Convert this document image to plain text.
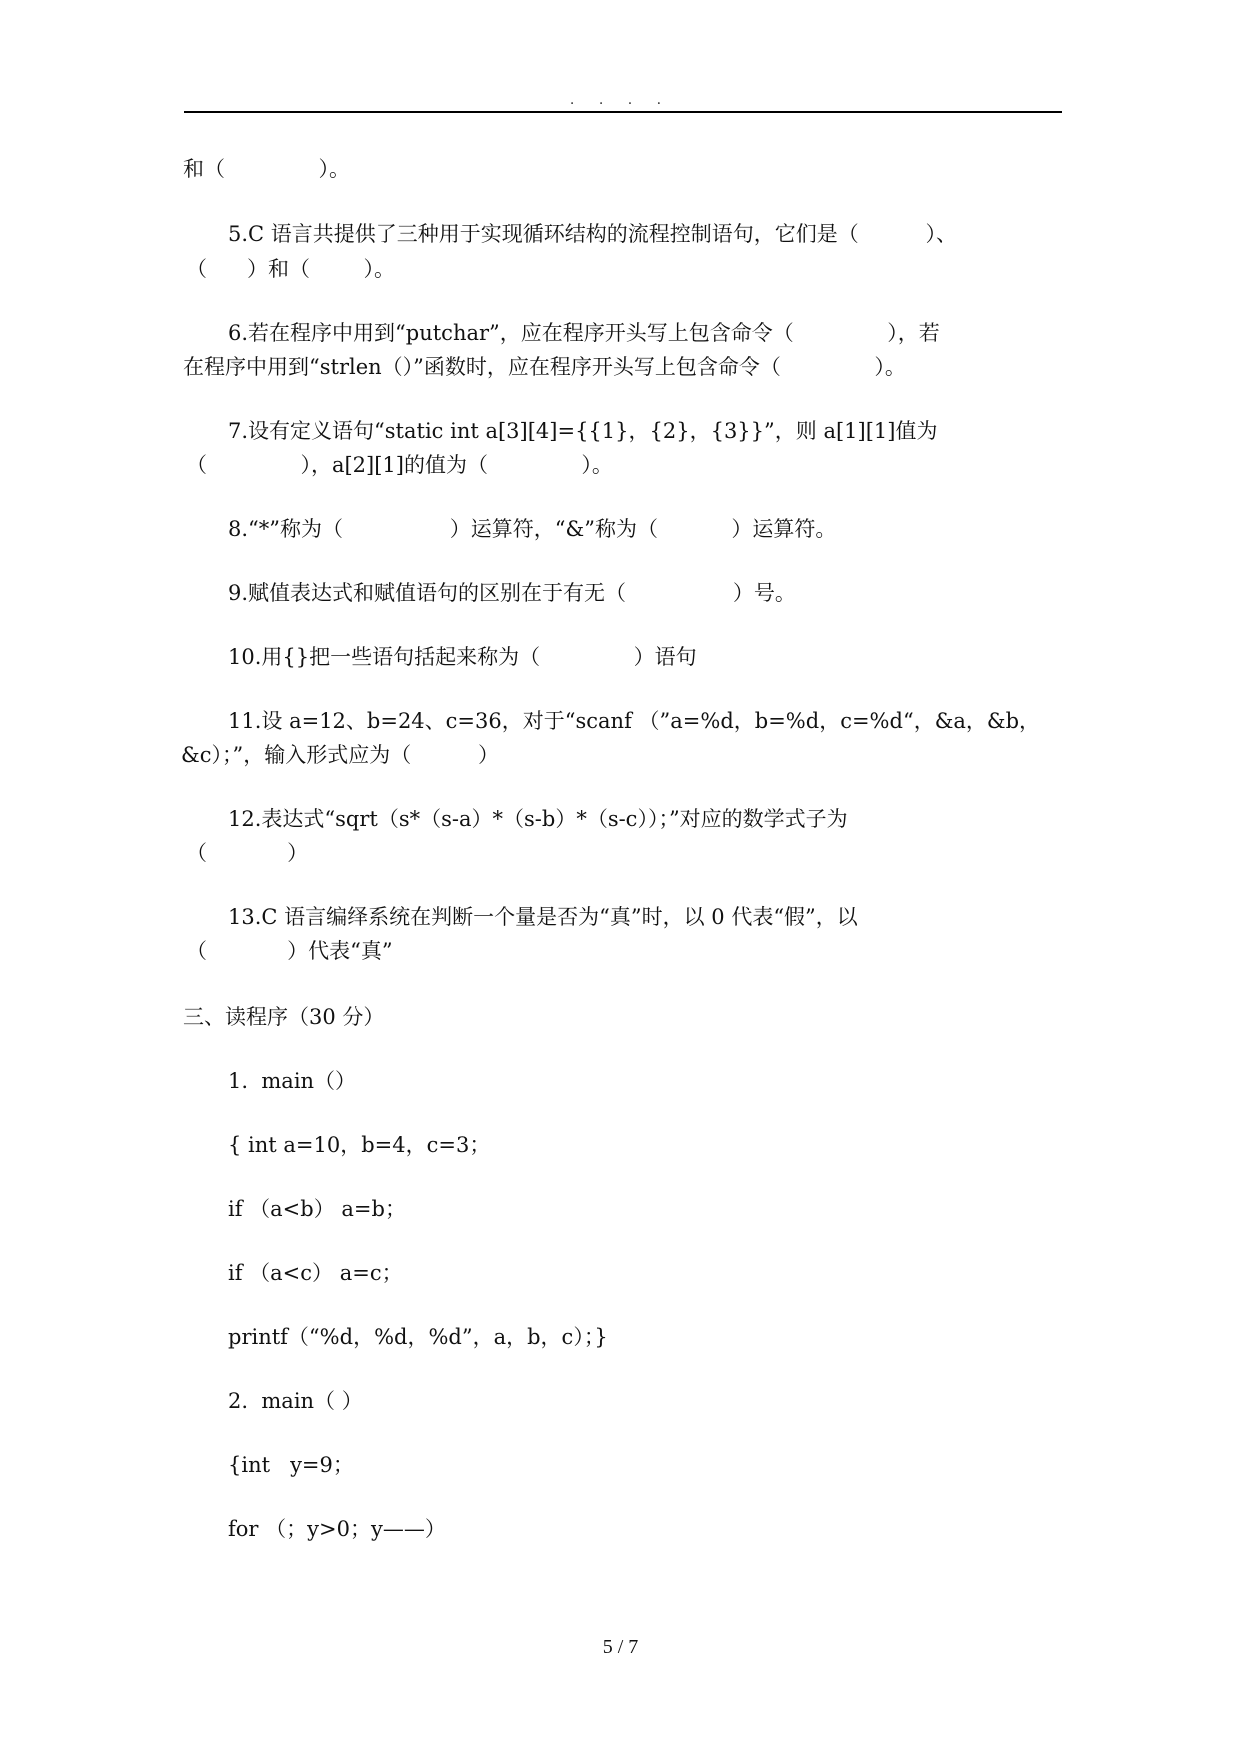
. . . .
和（              ）。
5.C 语言共提供了三种用于实现循环结构的流程控制语句，它们是（          ）、
（      ）和（        ）。
6.若在程序中用到“putchar”，应在程序开头写上包含命令（              ），若
在程序中用到“strlen（）”函数时，应在程序开头写上包含命令（              ）。
7.设有定义语句“static int a[3][4]={{1}，{2}，{3}}”，则 a[1][1]值为
（              ），a[2][1]的值为（              ）。
8.“*”称为（                ）运算符，“&”称为（           ）运算符。
9.赋值表达式和赋值语句的区别在于有无（                ）号。
10.用{}把一些语句括起来称为（              ）语句
11.设 a=12、b=24、c=36，对于“scanf （”a=%d，b=%d，c=%d“，&a，&b，
&c）；”，输入形式应为（          ）
12.表达式“sqrt（s*（s-a）*（s-b）*（s-c））；”对应的数学式子为
（            ）
13.C 语言编绎系统在判断一个量是否为“真”时，以 0 代表“假”，以
（            ）代表“真”
三、读程序（30 分）
1.  main（）
{ int a=10，b=4，c=3；
if （a<b） a=b；
if （a<c） a=c；
printf（“%d，%d，%d”，a，b，c）；}
2.  main（ ）
{int   y=9；
for （；y>0；y——）
5 / 7
